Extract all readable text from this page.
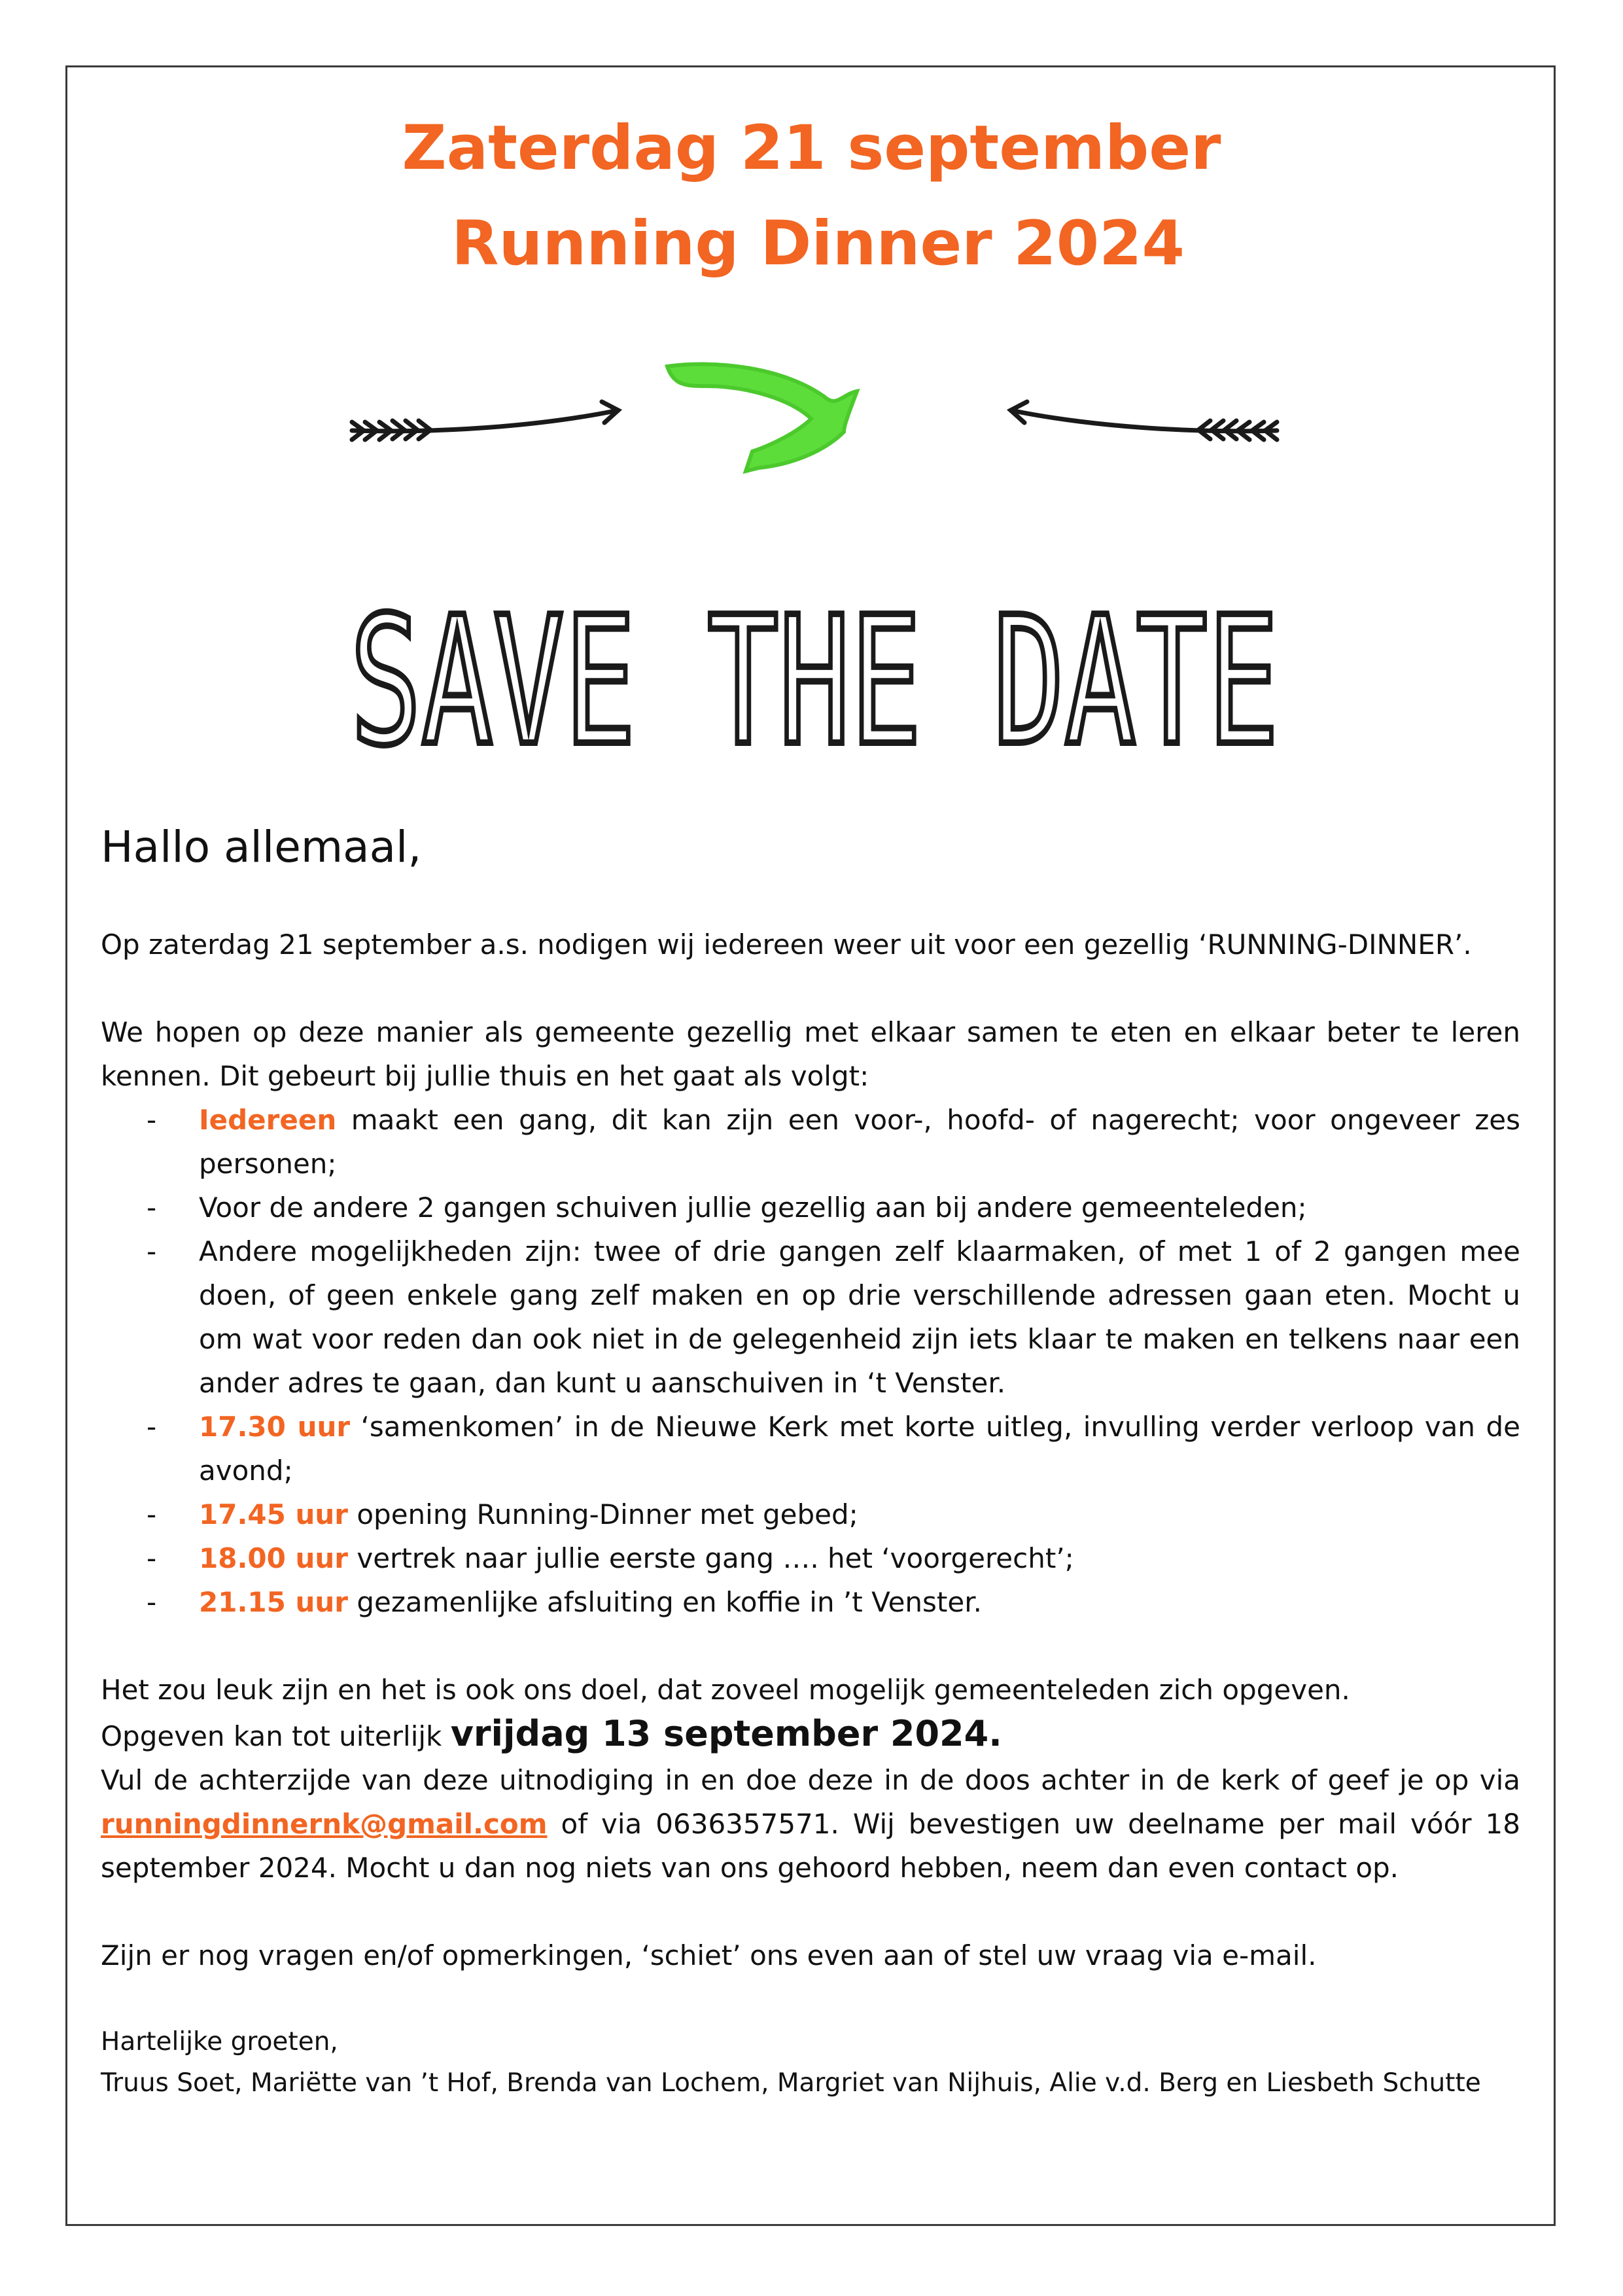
Zaterdag 21 september
Running Dinner 2024
SAVE THE DATE
Hallo allemaal,

Op zaterdag 21 september a.s. nodigen wij iedereen weer uit voor een gezellig ‘RUNNING-DINNER’.

We hopen op deze manier als gemeente gezellig met elkaar samen te eten en elkaar beter te leren kennen. Dit gebeurt bij jullie thuis en het gaat als volgt:

- Iedereen maakt een gang, dit kan zijn een voor-, hoofd- of nagerecht; voor ongeveer zes personen;
- Voor de andere 2 gangen schuiven jullie gezellig aan bij andere gemeenteleden;
- Andere mogelijkheden zijn: twee of drie gangen zelf klaarmaken, of met 1 of 2 gangen mee doen, of geen enkele gang zelf maken en op drie verschillende adressen gaan eten. Mocht u om wat voor reden dan ook niet in de gelegenheid zijn iets klaar te maken en telkens naar een ander adres te gaan, dan kunt u aanschuiven in ‘t Venster.
- 17.30 uur ‘samenkomen’ in de Nieuwe Kerk met korte uitleg, invulling verder verloop van de avond;
- 17.45 uur opening Running-Dinner met gebed;
- 18.00 uur vertrek naar jullie eerste gang …. het ‘voorgerecht’;
- 21.15 uur gezamenlijke afsluiting en koffie in ’t Venster.

Het zou leuk zijn en het is ook ons doel, dat zoveel mogelijk gemeenteleden zich opgeven.

Opgeven kan tot uiterlijk vrijdag 13 september 2024.

Vul de achterzijde van deze uitnodiging in en doe deze in de doos achter in de kerk of geef je op via runningdinnernk@gmail.com of via 0636357571. Wij bevestigen uw deelname per mail vóór 18 september 2024. Mocht u dan nog niets van ons gehoord hebben, neem dan even contact op.

Zijn er nog vragen en/of opmerkingen, ‘schiet’ ons even aan of stel uw vraag via e-mail.

Hartelijke groeten,
Truus Soet, Mariëtte van ’t Hof, Brenda van Lochem, Margriet van Nijhuis, Alie v.d. Berg en Liesbeth Schutte
